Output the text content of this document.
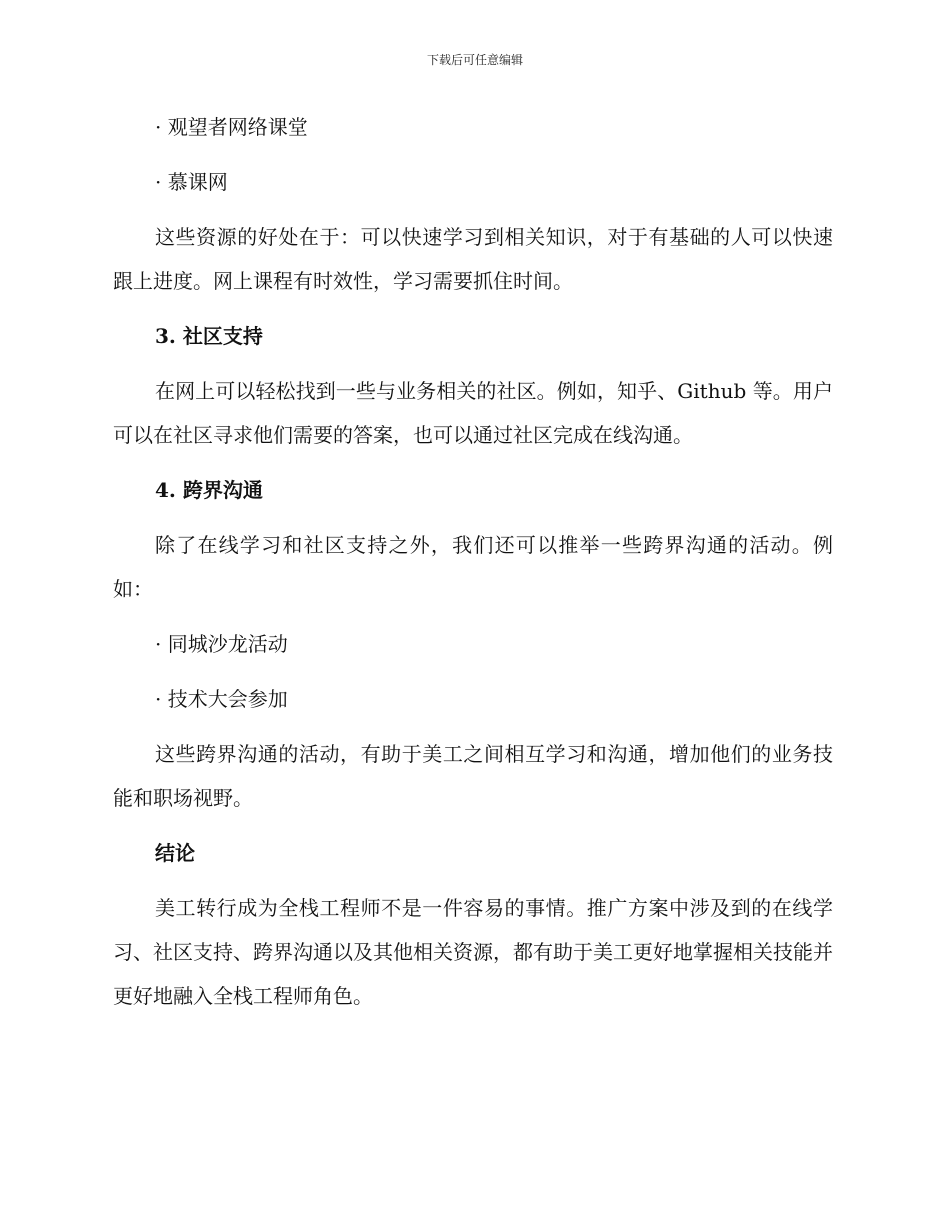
下载后可任意编辑
· 观望者网络课堂
· 慕课网

这些资源的好处在于：可以快速学习到相关知识，对于有基础的人可以快速跟上进度。网上课程有时效性，学习需要抓住时间。

3. 社区支持

在网上可以轻松找到一些与业务相关的社区。例如，知乎、Github 等。用户可以在社区寻求他们需要的答案，也可以通过社区完成在线沟通。

4. 跨界沟通

除了在线学习和社区支持之外，我们还可以推举一些跨界沟通的活动。例如：

· 同城沙龙活动
· 技术大会参加

这些跨界沟通的活动，有助于美工之间相互学习和沟通，增加他们的业务技能和职场视野。

结论

美工转行成为全栈工程师不是一件容易的事情。推广方案中涉及到的在线学习、社区支持、跨界沟通以及其他相关资源，都有助于美工更好地掌握相关技能并更好地融入全栈工程师角色。
